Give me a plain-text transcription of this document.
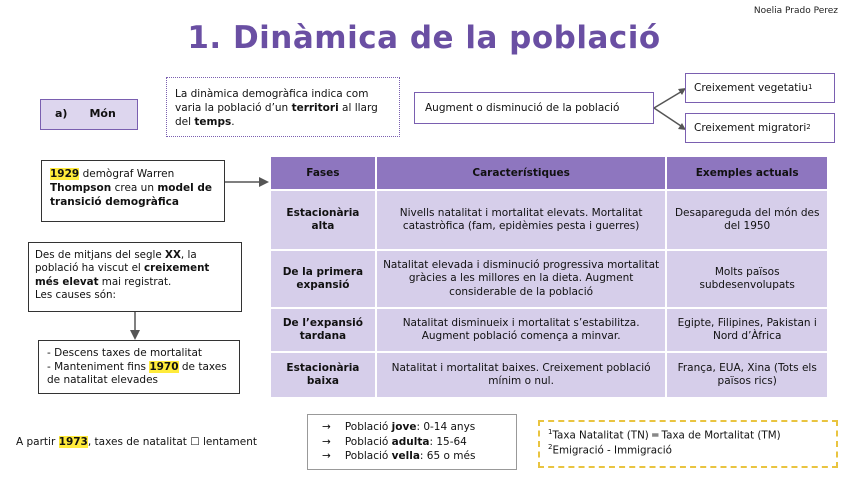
Noelia Prado Perez
1. Dinàmica de la població
a) Món
La dinàmica demogràfica indica com varia la població d’un territori al llarg del temps.
Augment o disminució de la població
Creixement vegetatiu 1
Creixement migratori 2
1929 demògraf Warren Thompson crea un model de transició demogràfica
Des de mitjans del segle XX, la població ha viscut el creixement més elevat mai registrat.
Les causes són:
- Descens taxes de mortalitat
- Manteniment fins 1970 de taxes de natalitat elevades
Fases	Característiques	Exemples actuals
Estacionària alta	Nivells natalitat i mortalitat elevats. Mortalitat catastròfica (fam, epidèmies pesta i guerres)	Desapareguda del món des del 1950
De la primera expansió	Natalitat elevada i disminució progressiva mortalitat gràcies a les millores en la dieta. Augment considerable de la població	Molts països subdesenvolupats
De l’expansió tardana	Natalitat disminueix i mortalitat s’estabilitza. Augment població comença a minvar.	Egipte, Filipines, Pakistan i Nord d’Àfrica
Estacionària baixa	Natalitat i mortalitat baixes. Creixement població mínim o nul.	França, EUA, Xina (Tots els països rics)
A partir 1973, taxes de natalitat ☐ lentament
→ Població jove: 0-14 anys
→ Població adulta: 15-64
→ Població vella: 65 o més
$^1$Taxa Natalitat (TN) ═ Taxa de Mortalitat (TM)
$^2$Emigració - Immigració
